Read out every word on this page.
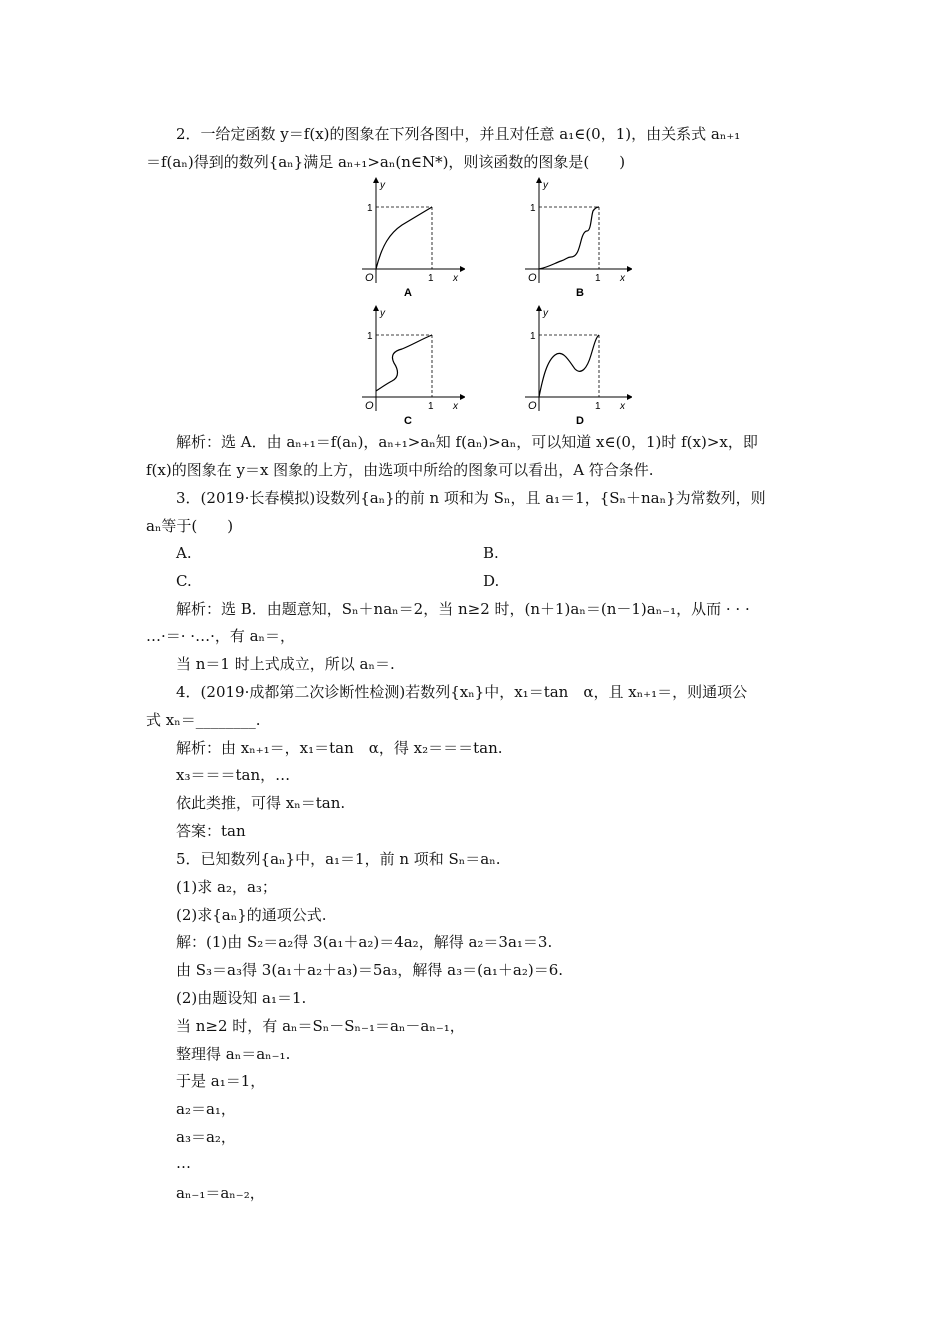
2．一给定函数 y＝f(x)的图象在下列各图中，并且对任意 a₁∈(0，1)，由关系式 aₙ₊₁
＝f(aₙ)得到的数列{aₙ}满足 aₙ₊₁>aₙ(n∈N*)，则该函数的图象是(　　)
y
x
O	1
1
A
y
x
O	1
1
B
y
x
O	1
1
C
y
x
O	1
1
D
解析：选 A．由 aₙ₊₁＝f(aₙ)，aₙ₊₁>aₙ知 f(aₙ)>aₙ，可以知道 x∈(0，1)时 f(x)>x，即
f(x)的图象在 y＝x 图象的上方，由选项中所给的图象可以看出，A 符合条件.
3．(2019·长春模拟)设数列{aₙ}的前 n 项和为 Sₙ，且 a₁＝1，{Sₙ＋naₙ}为常数列，则
aₙ等于(　　)
A.	B.
C.	D.
解析：选 B．由题意知，Sₙ＋naₙ＝2，当 n≥2 时，(n＋1)aₙ＝(n－1)aₙ₋₁，从而 · · ·
…·＝· ·…·，有 aₙ＝，
当 n＝1 时上式成立，所以 aₙ＝.
4．(2019·成都第二次诊断性检测)若数列{xₙ}中，x₁＝tan　α，且 xₙ₊₁＝，则通项公
式 xₙ＝________.
解析：由 xₙ₊₁＝，x₁＝tan　α，得 x₂＝＝＝tan.
x₃＝＝＝tan，…
依此类推，可得 xₙ＝tan.
答案：tan
5．已知数列{aₙ}中，a₁＝1，前 n 项和 Sₙ＝aₙ.
(1)求 a₂，a₃；
(2)求{aₙ}的通项公式.
解：(1)由 S₂＝a₂得 3(a₁＋a₂)＝4a₂，解得 a₂＝3a₁＝3.
由 S₃＝a₃得 3(a₁＋a₂＋a₃)＝5a₃，解得 a₃＝(a₁＋a₂)＝6.
(2)由题设知 a₁＝1.
当 n≥2 时，有 aₙ＝Sₙ－Sₙ₋₁＝aₙ－aₙ₋₁，
整理得 aₙ＝aₙ₋₁.
于是 a₁＝1，
a₂＝a₁，
a₃＝a₂，
…
aₙ₋₁＝aₙ₋₂，
